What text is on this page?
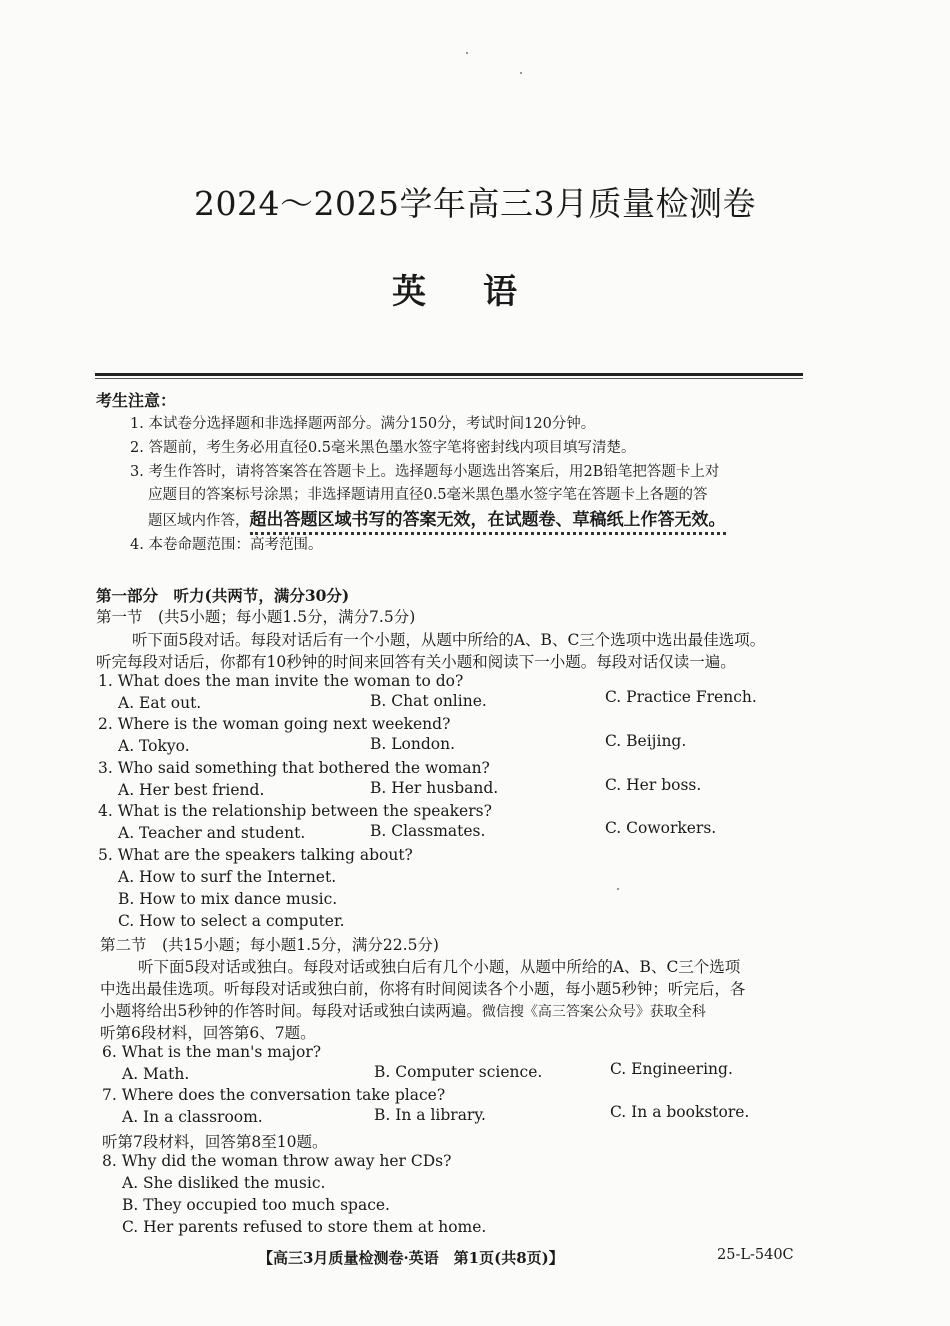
2024～2025学年高三3月质量检测卷
英 语
考生注意：
1. 本试卷分选择题和非选择题两部分。满分150分，考试时间120分钟。
2. 答题前，考生务必用直径0.5毫米黑色墨水签字笔将密封线内项目填写清楚。
3. 考生作答时，请将答案答在答题卡上。选择题每小题选出答案后，用2B铅笔把答题卡上对
应题目的答案标号涂黑；非选择题请用直径0.5毫米黑色墨水签字笔在答题卡上各题的答
题区域内作答，超出答题区域书写的答案无效，在试题卷、草稿纸上作答无效。
4. 本卷命题范围：高考范围。
第一部分　听力(共两节，满分30分)
第一节　(共5小题；每小题1.5分，满分7.5分)
听下面5段对话。每段对话后有一个小题，从题中所给的A、B、C三个选项中选出最佳选项。
听完每段对话后，你都有10秒钟的时间来回答有关小题和阅读下一小题。每段对话仅读一遍。
1. What does the man invite the woman to do?
A. Eat out.	B. Chat online.	C. Practice French.
2. Where is the woman going next weekend?
A. Tokyo.	B. London.	C. Beijing.
3. Who said something that bothered the woman?
A. Her best friend.	B. Her husband.	C. Her boss.
4. What is the relationship between the speakers?
A. Teacher and student.	B. Classmates.	C. Coworkers.
5. What are the speakers talking about?
A. How to surf the Internet.
B. How to mix dance music.
C. How to select a computer.
第二节　(共15小题；每小题1.5分，满分22.5分)
听下面5段对话或独白。每段对话或独白后有几个小题，从题中所给的A、B、C三个选项
中选出最佳选项。听每段对话或独白前，你将有时间阅读各个小题，每小题5秒钟；听完后，各
小题将给出5秒钟的作答时间。每段对话或独白读两遍。微信搜《高三答案公众号》获取全科
听第6段材料，回答第6、7题。
6. What is the man's major?
A. Math.	B. Computer science.	C. Engineering.
7. Where does the conversation take place?
A. In a classroom.	B. In a library.	C. In a bookstore.
听第7段材料，回答第8至10题。
8. Why did the woman throw away her CDs?
A. She disliked the music.
B. They occupied too much space.
C. Her parents refused to store them at home.
【高三3月质量检测卷·英语　第1页(共8页)】	25-L-540C
